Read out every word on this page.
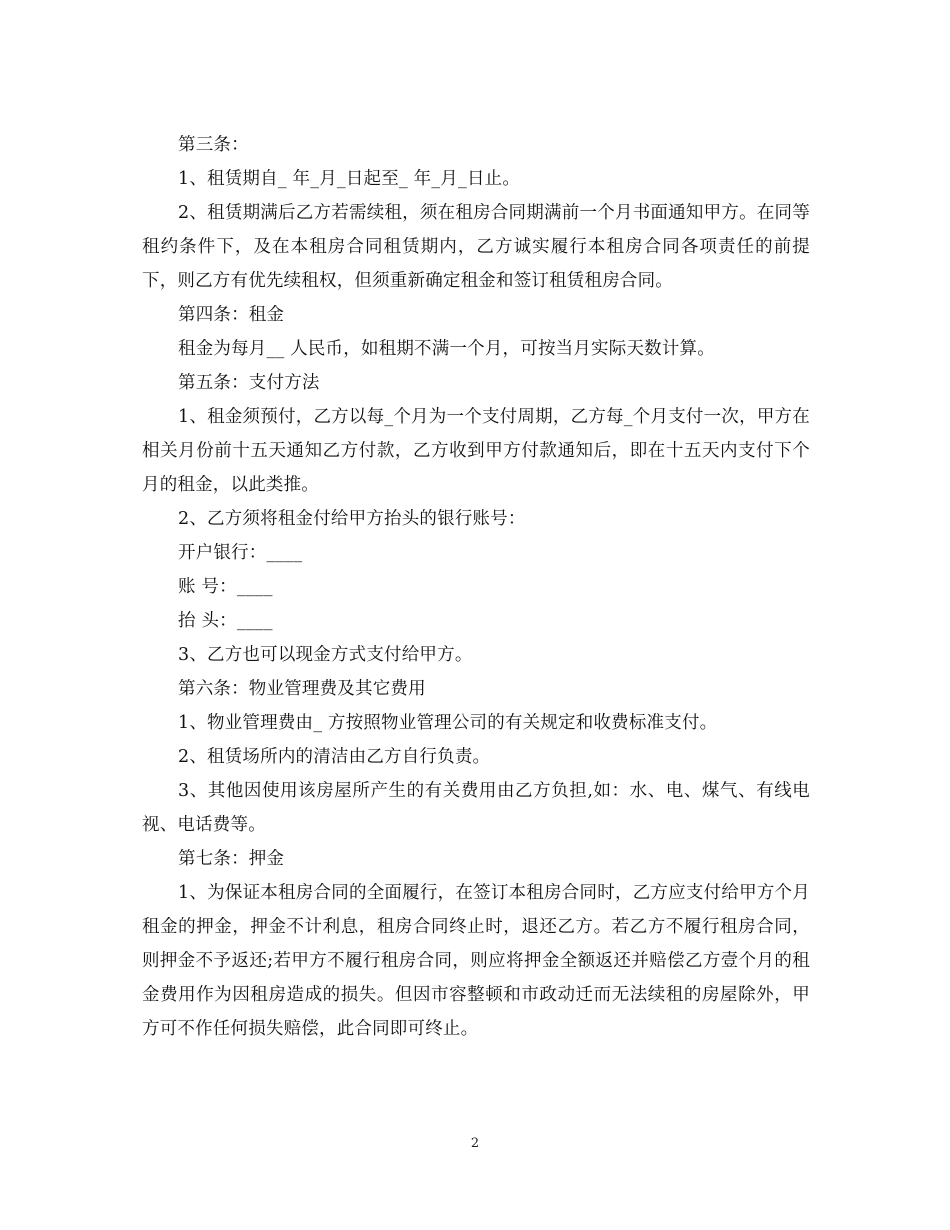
第三条：

1、租赁期自_ 年_月_日起至_ 年_月_日止。

2、租赁期满后乙方若需续租，须在租房合同期满前一个月书面通知甲方。在同等租约条件下，及在本租房合同租赁期内，乙方诚实履行本租房合同各项责任的前提下，则乙方有优先续租权，但须重新确定租金和签订租赁租房合同。

第四条：租金

租金为每月__ 人民币，如租期不满一个月，可按当月实际天数计算。

第五条：支付方法

1、租金须预付，乙方以每_个月为一个支付周期，乙方每_个月支付一次，甲方在相关月份前十五天通知乙方付款，乙方收到甲方付款通知后，即在十五天内支付下个月的租金，以此类推。

2、乙方须将租金付给甲方抬头的银行账号：

开户银行：____

账 号：____

抬 头：____

3、乙方也可以现金方式支付给甲方。

第六条：物业管理费及其它费用

1、物业管理费由_ 方按照物业管理公司的有关规定和收费标准支付。

2、租赁场所内的清洁由乙方自行负责。

3、其他因使用该房屋所产生的有关费用由乙方负担,如：水、电、煤气、有线电视、电话费等。

第七条：押金

1、为保证本租房合同的全面履行，在签订本租房合同时，乙方应支付给甲方个月租金的押金，押金不计利息，租房合同终止时，退还乙方。若乙方不履行租房合同，则押金不予返还;若甲方不履行租房合同，则应将押金全额返还并赔偿乙方壹个月的租金费用作为因租房造成的损失。但因市容整顿和市政动迁而无法续租的房屋除外，甲方可不作任何损失赔偿，此合同即可终止。

2
